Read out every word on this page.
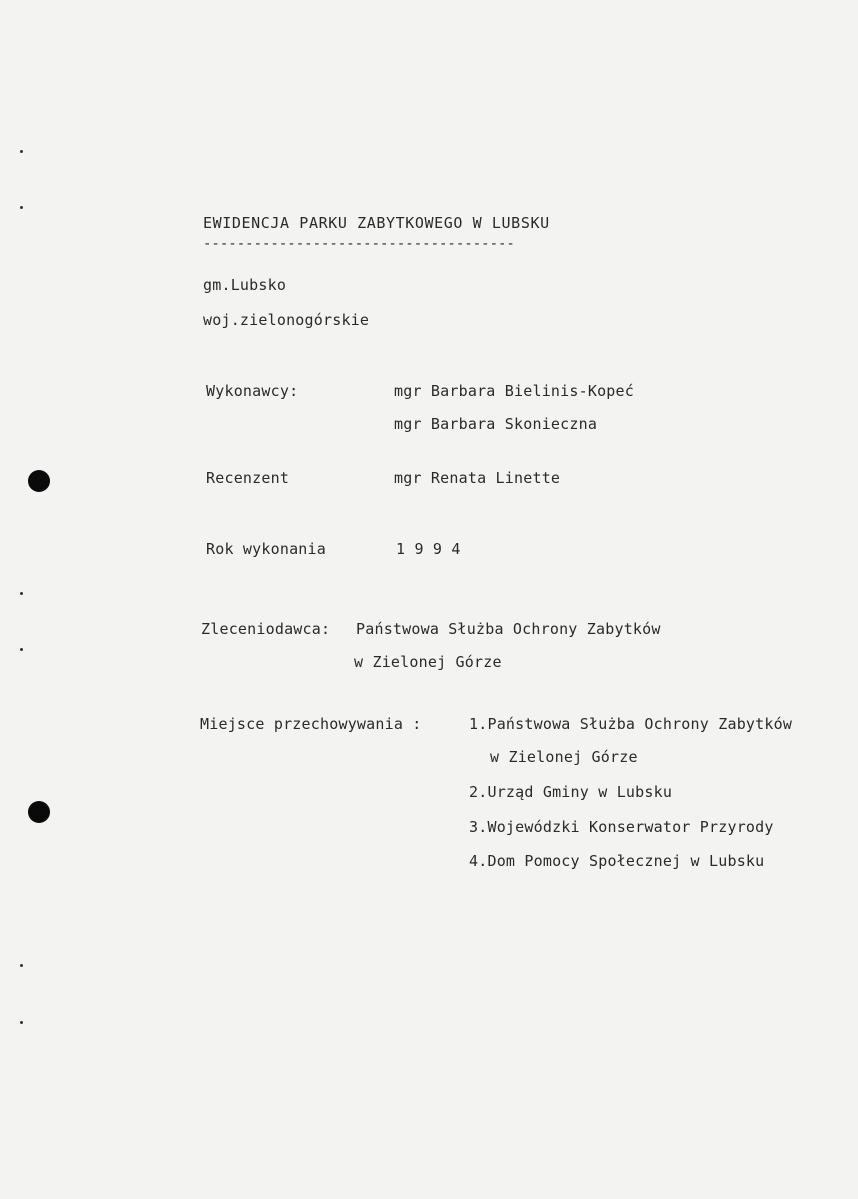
EWIDENCJA PARKU ZABYTKOWEGO W LUBSKU
-------------------------------------
gm.Lubsko
woj.zielonogórskie
Wykonawcy:	mgr Barbara Bielinis-Kopeć
mgr Barbara Skonieczna
Recenzent	mgr Renata Linette
Rok wykonania	1 9 9 4
Zleceniodawca: Państwowa Służba Ochrony Zabytków
w Zielonej Górze
Miejsce przechowywania :	1.Państwowa Służba Ochrony Zabytków
w Zielonej Górze
2.Urząd Gminy w Lubsku
3.Wojewódzki Konserwator Przyrody
4.Dom Pomocy Społecznej w Lubsku
